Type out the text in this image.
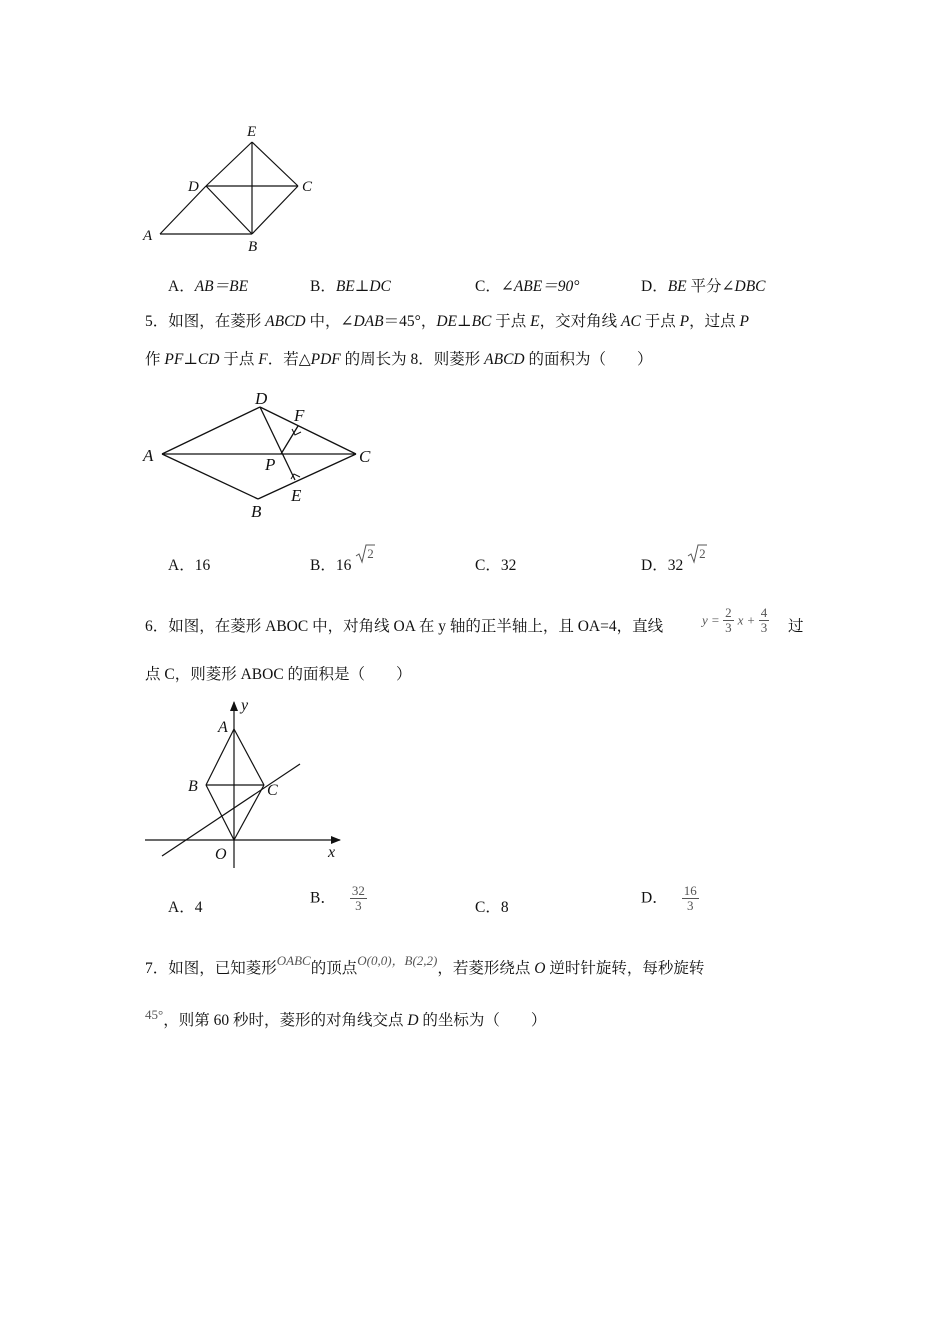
E
D	C
A
B
A．AB＝BE	B．BE⊥DC	C．∠ABE＝90°	D．BE 平分∠DBC
5．如图，在菱形 ABCD 中，∠DAB＝45°，DE⊥BC 于点 E，交对角线 AC 于点 P，过点 P
作 PF⊥CD 于点 F．若△PDF 的周长为 8．则菱形 ABCD 的面积为（　　）
A
D
F
C
P
E
B
A．16	B．16
2
C．32	D．32
2
6．如图，在菱形 ABOC 中，对角线 OA 在 y 轴的正半轴上，且 OA=4，直线	$y = \frac{2}{3}$ $x + \frac{4}{3}$ 过
点 C，则菱形 ABOC 的面积是（　　）
A
y
B	C
O	x
A．4
B． $\frac{32}{3}$	C．8
D． $\frac{16}{3}$
7．如图，已知菱形$^{OABC}$的顶点$^{O(0,0),B(2,2)}$，若菱形绕点 O 逆时针旋转，每秒旋转
$^{45^\circ}$，则第 60 秒时，菱形的对角线交点 D 的坐标为（　　）
